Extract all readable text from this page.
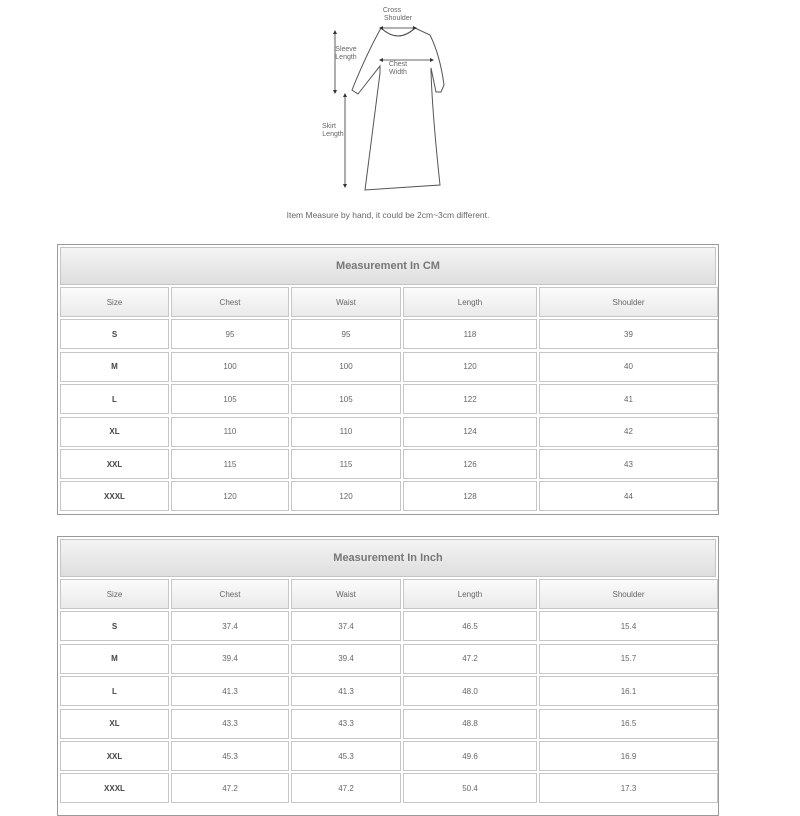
Cross
Shoulder
Sleeve
Length
Chest
Width
Skirt
Length
Item Measure by hand, it could be 2cm~3cm different.
Measurement In CM
Size	Chest	Waist	Length	Shoulder
S	95	95	118	39
M	100	100	120	40
L	105	105	122	41
XL	110	110	124	42
XXL	115	115	126	43
XXXL	120	120	128	44
Measurement In Inch
Size	Chest	Waist	Length	Shoulder
S	37.4	37.4	46.5	15.4
M	39.4	39.4	47.2	15.7
L	41.3	41.3	48.0	16.1
XL	43.3	43.3	48.8	16.5
XXL	45.3	45.3	49.6	16.9
XXXL	47.2	47.2	50.4	17.3
